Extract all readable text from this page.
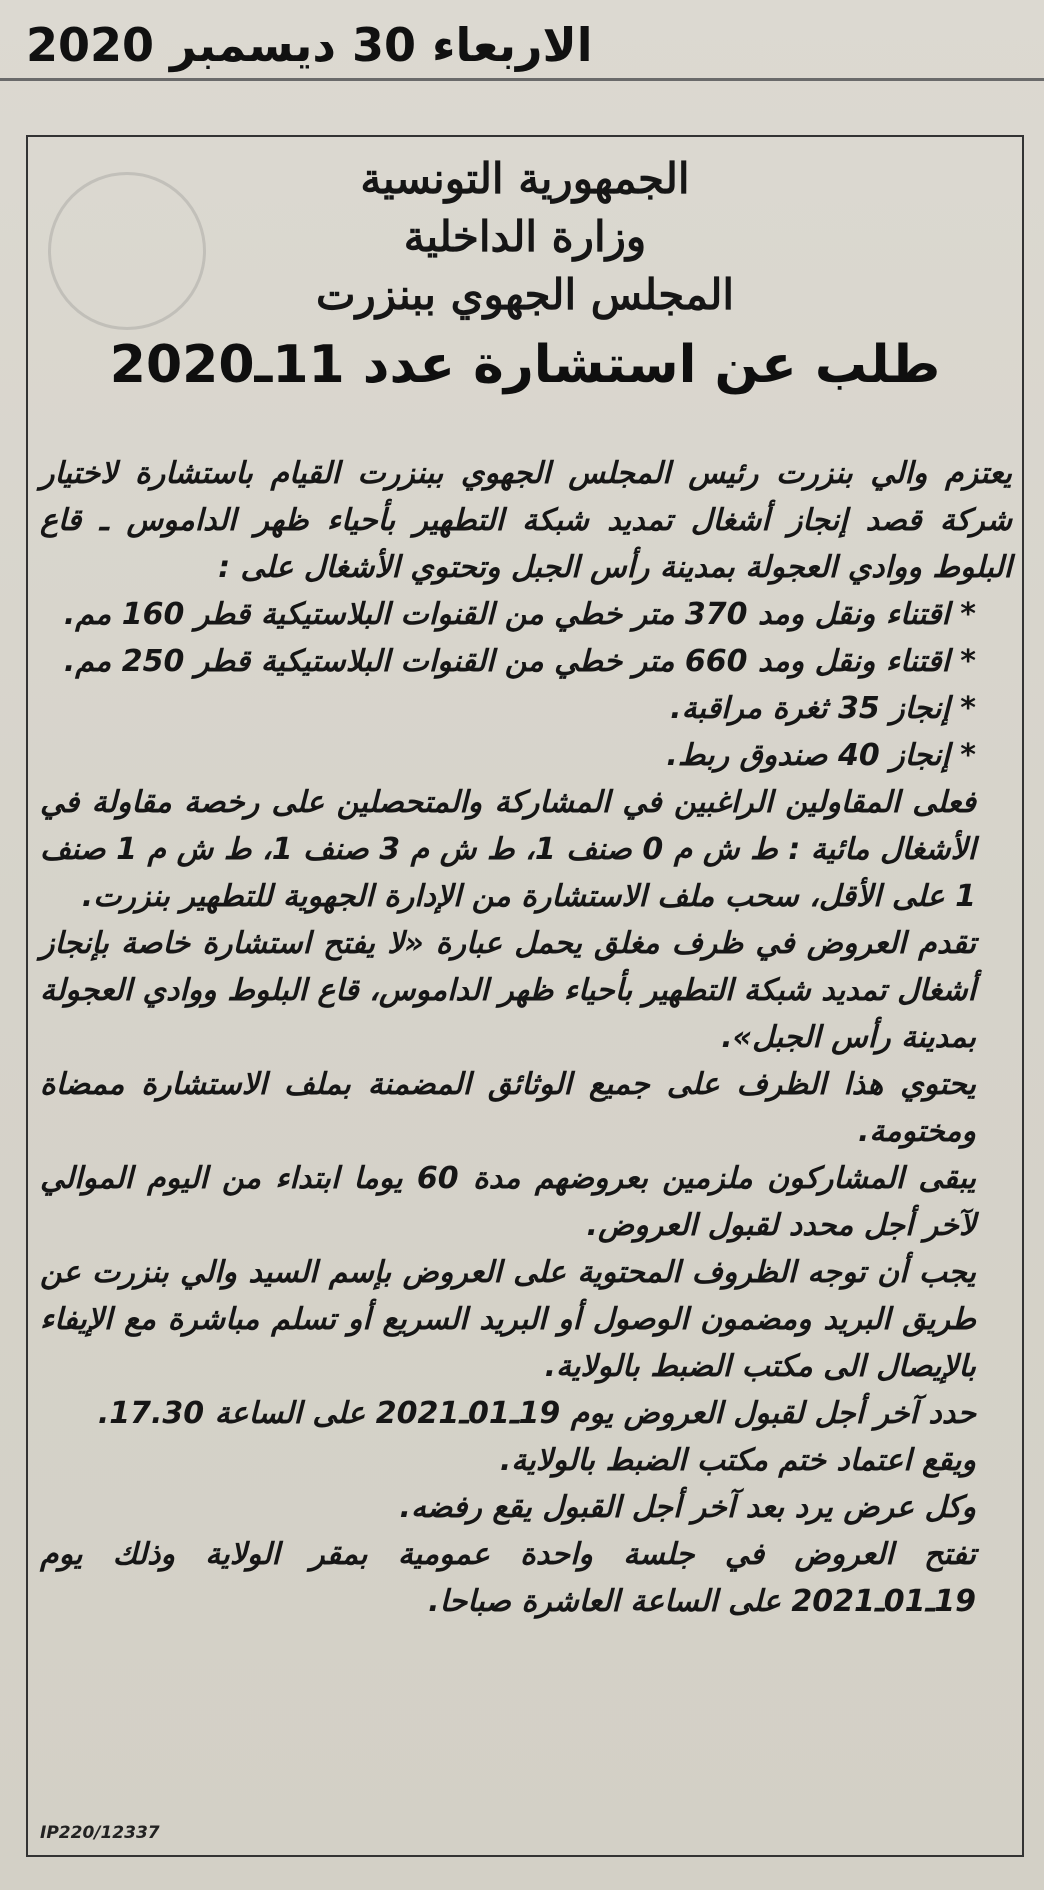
الاربعاء 30 ديسمبر 2020
الجمهورية التونسية
وزارة الداخلية
المجلس الجهوي ببنزرت
طلب عن استشارة عدد 11ـ2020

يعتزم والي بنزرت رئيس المجلس الجهوي ببنزرت القيام باستشارة لاختيار شركة قصد إنجاز أشغال تمديد شبكة التطهير بأحياء ظهر الداموس ـ قاع البلوط ووادي العجولة بمدينة رأس الجبل وتحتوي الأشغال على :

* اقتناء ونقل ومد 370 متر خطي من القنوات البلاستيكية قطر 160 مم.

* اقتناء ونقل ومد 660 متر خطي من القنوات البلاستيكية قطر 250 مم.

* إنجاز 35 ثغرة مراقبة.

* إنجاز 40 صندوق ربط.

فعلى المقاولين الراغبين في المشاركة والمتحصلين على رخصة مقاولة في الأشغال مائية : ط ش م 0 صنف 1، ط ش م 3 صنف 1، ط ش م 1 صنف 1 على الأقل، سحب ملف الاستشارة من الإدارة الجهوية للتطهير بنزرت.

تقدم العروض في ظرف مغلق يحمل عبارة «لا يفتح استشارة خاصة بإنجاز أشغال تمديد شبكة التطهير بأحياء ظهر الداموس، قاع البلوط ووادي العجولة بمدينة رأس الجبل».

يحتوي هذا الظرف على جميع الوثائق المضمنة بملف الاستشارة ممضاة ومختومة.

يبقى المشاركون ملزمين بعروضهم مدة 60 يوما ابتداء من اليوم الموالي لآخر أجل محدد لقبول العروض.

يجب أن توجه الظروف المحتوية على العروض بإسم السيد والي بنزرت عن طريق البريد ومضمون الوصول أو البريد السريع أو تسلم مباشرة مع الإيفاء بالإيصال الى مكتب الضبط بالولاية.

حدد آخر أجل لقبول العروض يوم 19ـ01ـ2021 على الساعة 17.30.

ويقع اعتماد ختم مكتب الضبط بالولاية.

وكل عرض يرد بعد آخر أجل القبول يقع رفضه.

تفتح العروض في جلسة واحدة عمومية بمقر الولاية وذلك يوم 19ـ01ـ2021 على الساعة العاشرة صباحا.

IP220/12337
